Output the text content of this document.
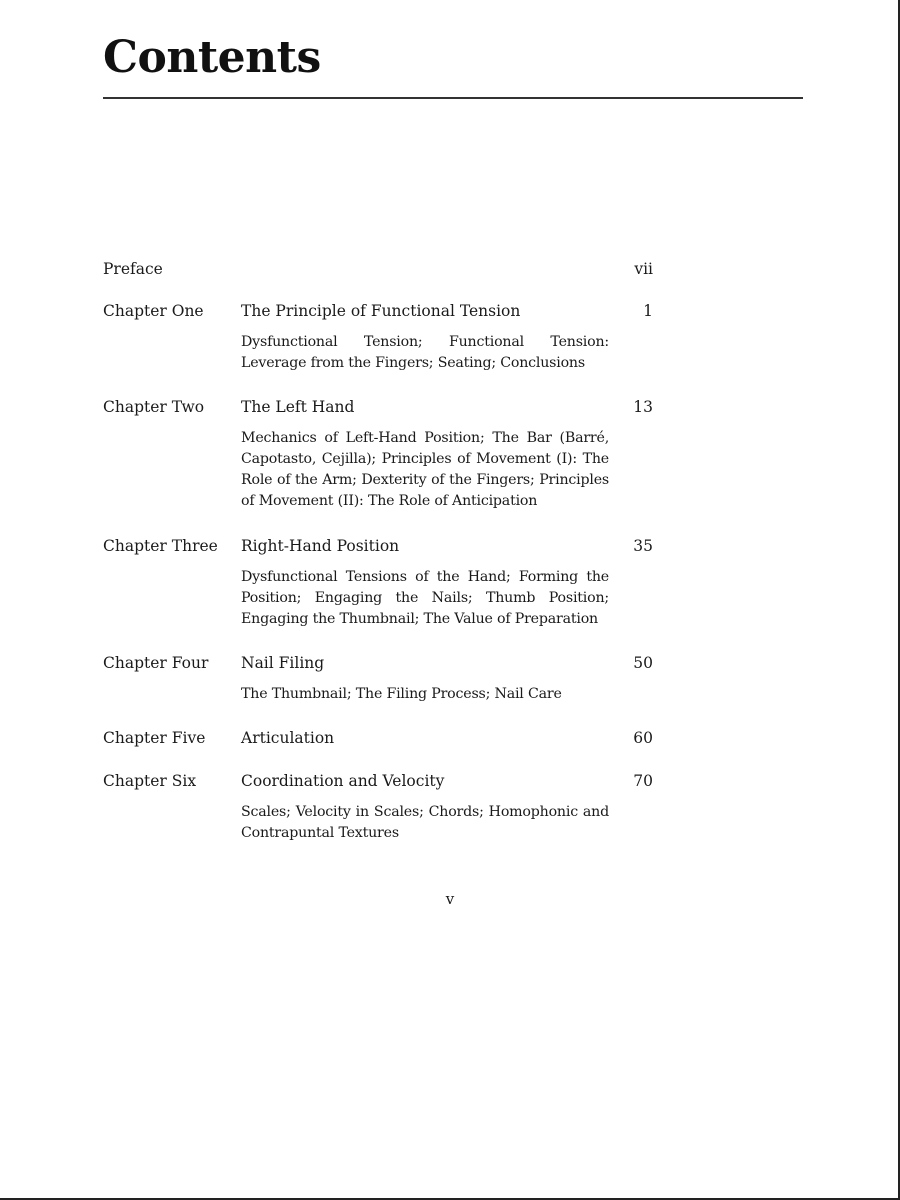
Contents
Preface	vii
Chapter One	The Principle of Functional Tension	1
Dysfunctional Tension; Functional Tension: Leverage from the Fingers; Seating; Conclusions
Chapter Two	The Left Hand	13
Mechanics of Left-Hand Position; The Bar (Barré, Capotasto, Cejilla); Principles of Movement (I): The Role of the Arm; Dexterity of the Fingers; Principles of Movement (II): The Role of Anticipation
Chapter Three	Right-Hand Position	35
Dysfunctional Tensions of the Hand; Forming the Position; Engaging the Nails; Thumb Position; Engaging the Thumbnail; The Value of Preparation
Chapter Four	Nail Filing	50
The Thumbnail; The Filing Process; Nail Care
Chapter Five	Articulation	60
Chapter Six	Coordination and Velocity	70
Scales; Velocity in Scales; Chords; Homophonic and Contrapuntal Textures
v
